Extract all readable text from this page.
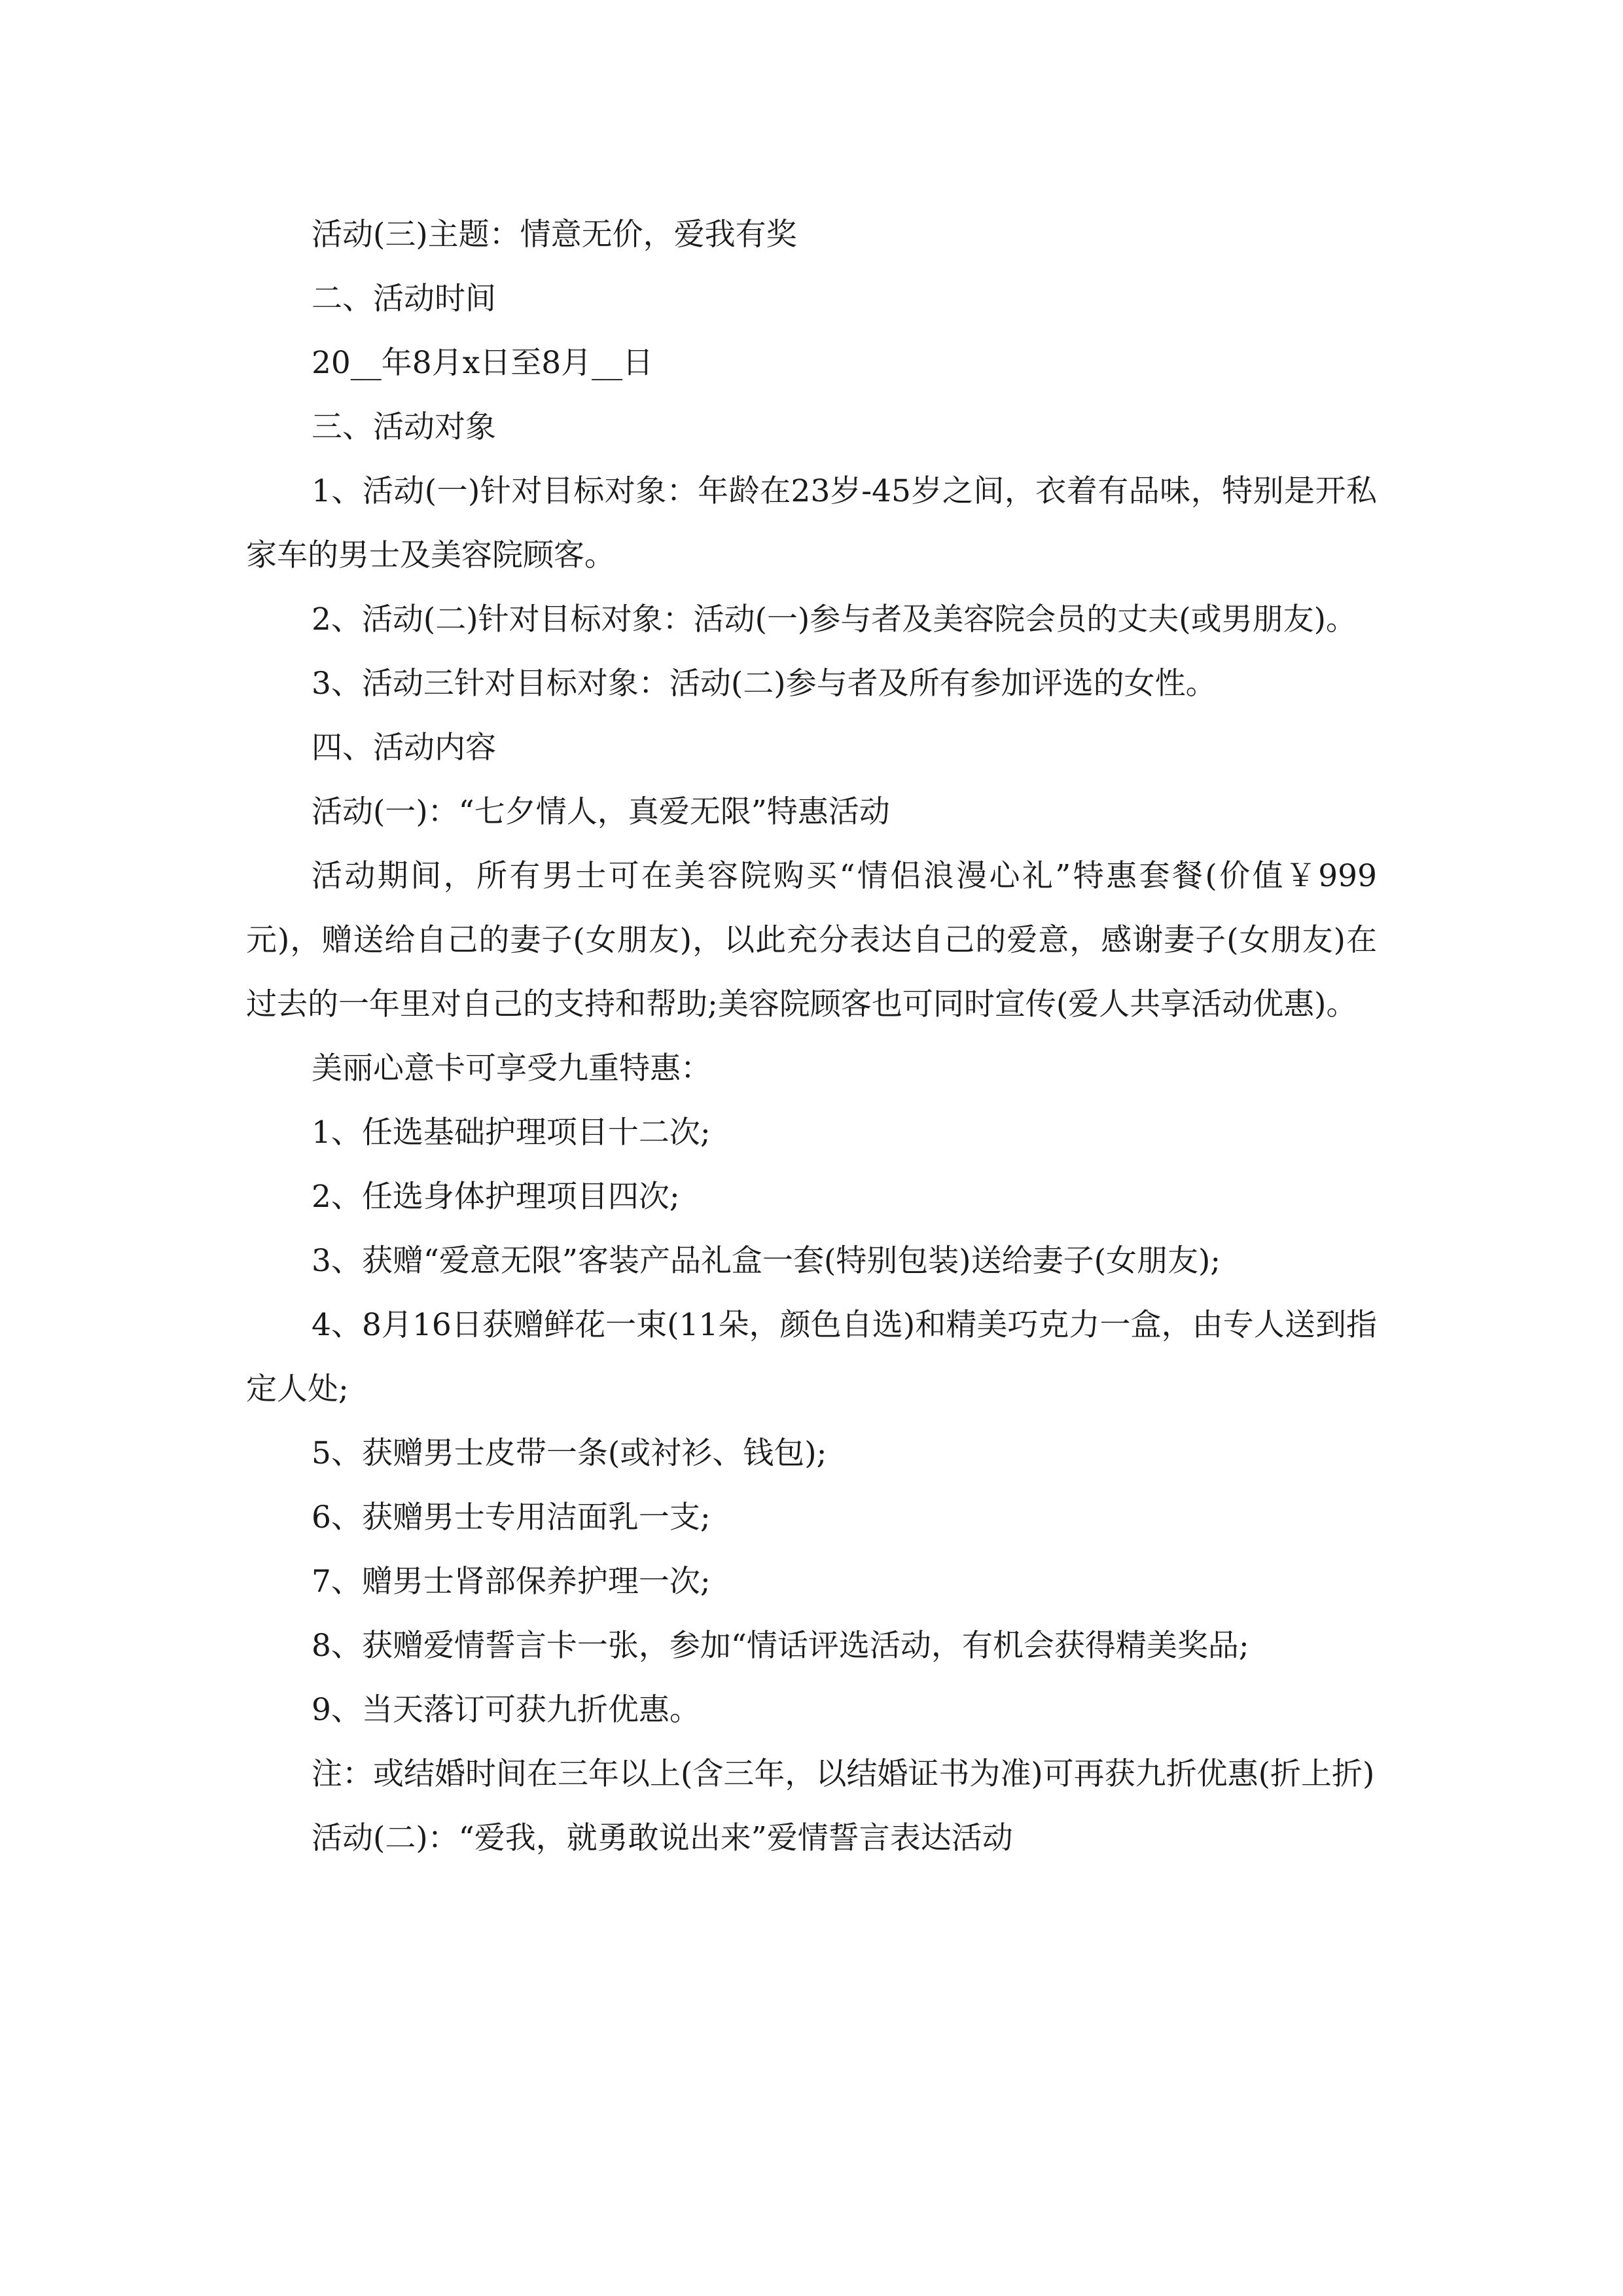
活动(三)主题：情意无价，爱我有奖

二、活动时间

20__年8月x日至8月__日

三、活动对象

1、活动(一)针对目标对象：年龄在23岁-45岁之间，衣着有品味，特别是开私家车的男士及美容院顾客。

2、活动(二)针对目标对象：活动(一)参与者及美容院会员的丈夫(或男朋友)。

3、活动三针对目标对象：活动(二)参与者及所有参加评选的女性。

四、活动内容

活动(一)：“七夕情人，真爱无限”特惠活动

活动期间，所有男士可在美容院购买“情侣浪漫心礼”特惠套餐(价值￥999元)，赠送给自己的妻子(女朋友)，以此充分表达自己的爱意，感谢妻子(女朋友)在过去的一年里对自己的支持和帮助;美容院顾客也可同时宣传(爱人共享活动优惠)。

美丽心意卡可享受九重特惠：

1、任选基础护理项目十二次;

2、任选身体护理项目四次;

3、获赠“爱意无限”客装产品礼盒一套(特别包装)送给妻子(女朋友);

4、8月16日获赠鲜花一束(11朵，颜色自选)和精美巧克力一盒，由专人送到指定人处;

5、获赠男士皮带一条(或衬衫、钱包);

6、获赠男士专用洁面乳一支;

7、赠男士肾部保养护理一次;

8、获赠爱情誓言卡一张，参加“情话评选活动，有机会获得精美奖品;

9、当天落订可获九折优惠。

注：或结婚时间在三年以上(含三年，以结婚证书为准)可再获九折优惠(折上折)

活动(二)：“爱我，就勇敢说出来”爱情誓言表达活动
